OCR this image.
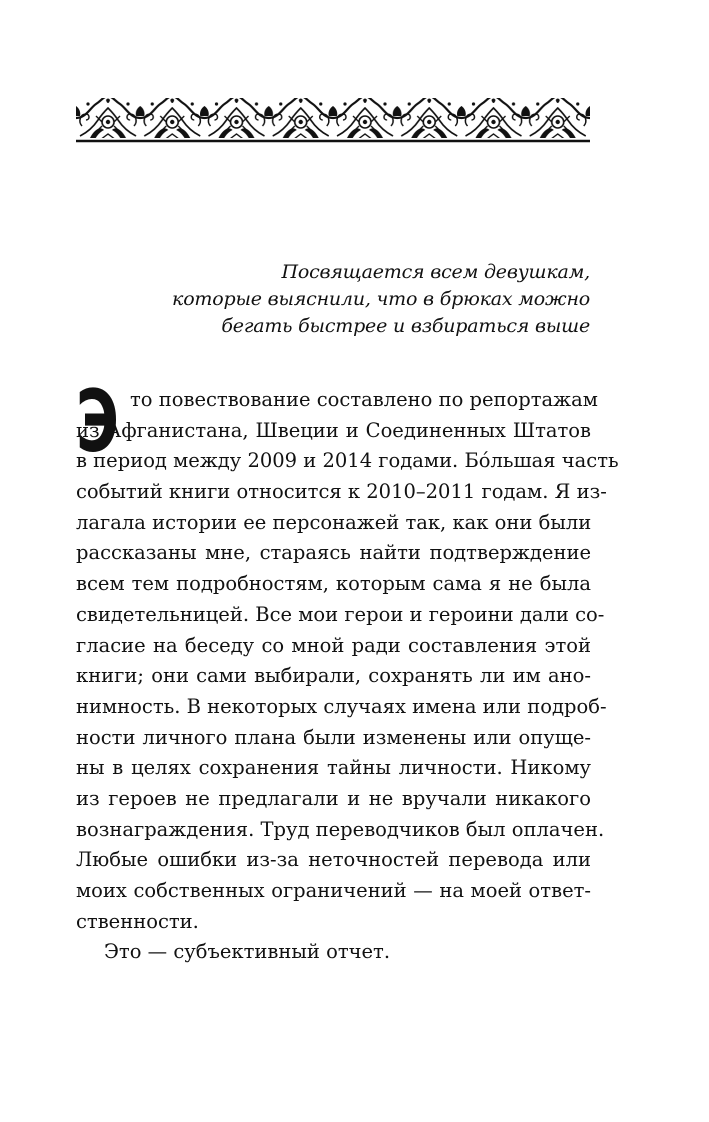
Посвящается всем девушкам,
которые выяснили, что в брюках можно
бегать быстрее и взбираться выше
Э то повествование составлено по репортажам
из Афганистана, Швеции и Соединенных Штатов
в период между 2009 и 2014 годами. Бóльшая часть
событий книги относится к 2010–2011 годам. Я из-
лагала истории ее персонажей так, как они были
рассказаны мне, стараясь найти подтверждение
всем тем подробностям, которым сама я не была
свидетельницей. Все мои герои и героини дали со-
гласие на беседу со мной ради составления этой
книги; они сами выбирали, сохранять ли им ано-
нимность. В некоторых случаях имена или подроб-
ности личного плана были изменены или опуще-
ны в целях сохранения тайны личности. Никому
из героев не предлагали и не вручали никакого
вознаграждения. Труд переводчиков был оплачен.
Любые ошибки из-за неточностей перевода или
моих собственных ограничений — на моей ответ-
ственности.
Это — субъективный отчет.
